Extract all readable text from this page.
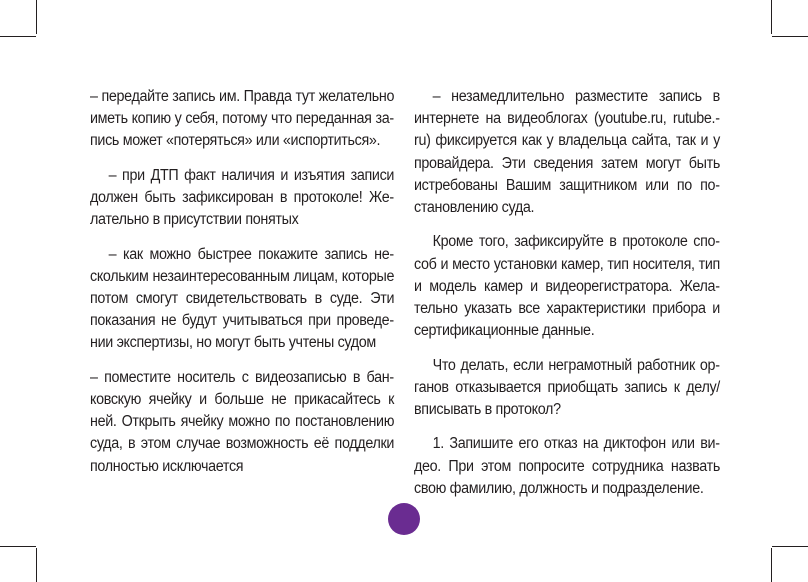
– передайте запись им. Правда тут желательно иметь копию у себя, потому что переданная запись может «потеряться» или «испортиться».

– при ДТП факт наличия и изъятия записи должен быть зафиксирован в протоколе! Желательно в присутствии понятых

– как можно быстрее покажите запись нескольким незаинтересованным лицам, которые потом смогут свидетельствовать в суде. Эти показания не будут учитываться при проведении экспертизы, но могут быть учтены судом

– поместите носитель с видеозаписью в банковскую ячейку и больше не прикасайтесь к ней. Открыть ячейку можно по постановлению суда, в этом случае возможность её подделки полностью исключается

– незамедлительно разместите запись в интернете на видеоблогах (youtube.ru, rutube.ru) фиксируется как у владельца сайта, так и у провайдера. Эти сведения затем могут быть истребованы Вашим защитником или по постановлению суда.

Кроме того, зафиксируйте в протоколе способ и место установки камер, тип носителя, тип и модель камер и видеорегистратора. Желательно указать все характеристики прибора и сертификационные данные.

Что делать, если неграмотный работник органов отказывается приобщать запись к делу/ вписывать в протокол?

1. Запишите его отказ на диктофон или видео. При этом попросите сотрудника назвать свою фамилию, должность и подразделение.
